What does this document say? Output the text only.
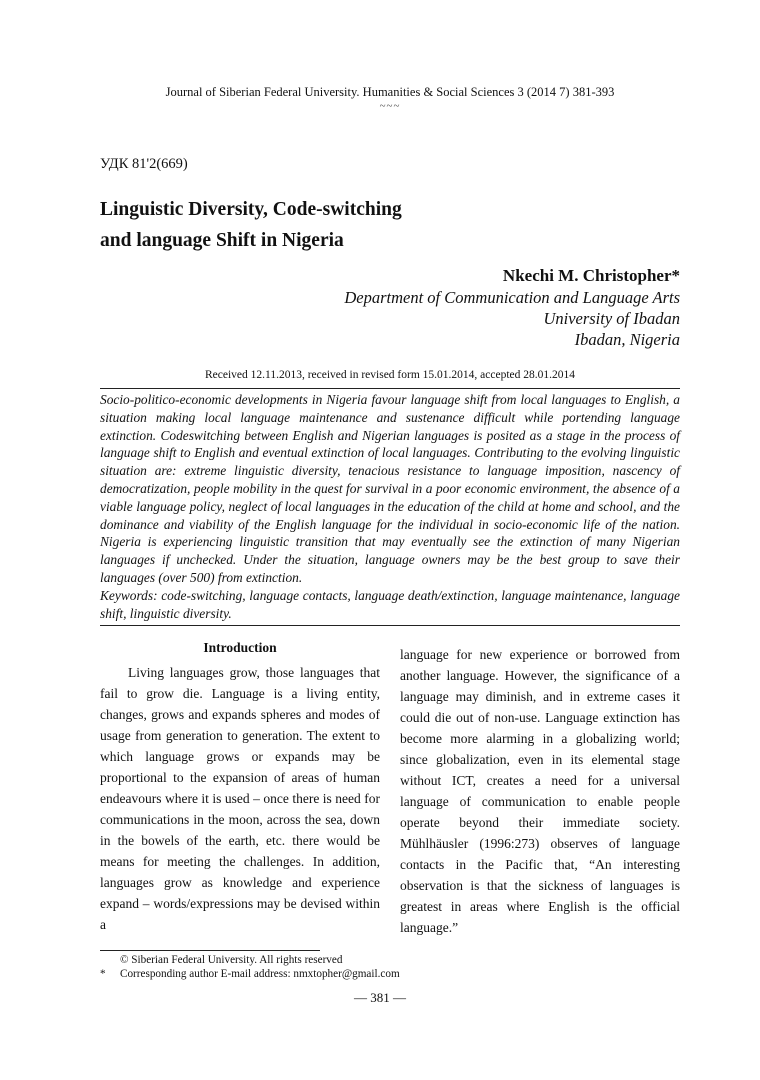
Journal of Siberian Federal University. Humanities & Social Sciences 3 (2014 7) 381-393
~~~
УДК 81'2(669)
Linguistic Diversity, Code-switching
and language Shift in Nigeria
Nkechi M. Christopher*
Department of Communication and Language Arts
University of Ibadan
Ibadan, Nigeria
Received 12.11.2013, received in revised form 15.01.2014, accepted 28.01.2014
Socio-politico-economic developments in Nigeria favour language shift from local languages to English, a situation making local language maintenance and sustenance difficult while portending language extinction. Codeswitching between English and Nigerian languages is posited as a stage in the process of language shift to English and eventual extinction of local languages. Contributing to the evolving linguistic situation are: extreme linguistic diversity, tenacious resistance to language imposition, nascency of democratization, people mobility in the quest for survival in a poor economic environment, the absence of a viable language policy, neglect of local languages in the education of the child at home and school, and the dominance and viability of the English language for the individual in socio-economic life of the nation. Nigeria is experiencing linguistic transition that may eventually see the extinction of many Nigerian languages if unchecked. Under the situation, language owners may be the best group to save their languages (over 500) from extinction.
Keywords: code-switching, language contacts, language death/extinction, language maintenance, language shift, linguistic diversity.
Introduction

Living languages grow, those languages that fail to grow die. Language is a living entity, changes, grows and expands spheres and modes of usage from generation to generation. The extent to which language grows or expands may be proportional to the expansion of areas of human endeavours where it is used – once there is need for communications in the moon, across the sea, down in the bowels of the earth, etc. there would be means for meeting the challenges. In addition, languages grow as knowledge and experience expand – words/expressions may be devised within a

language for new experience or borrowed from another language. However, the significance of a language may diminish, and in extreme cases it could die out of non-use. Language extinction has become more alarming in a globalizing world; since globalization, even in its elemental stage without ICT, creates a need for a universal language of communication to enable people operate beyond their immediate society. Mühlhäusler (1996:273) observes of language contacts in the Pacific that, “An interesting observation is that the sickness of languages is greatest in areas where English is the official language.”

© Siberian Federal University. All rights reserved
* Corresponding author E-mail address: nmxtopher@gmail.com
— 381 —
